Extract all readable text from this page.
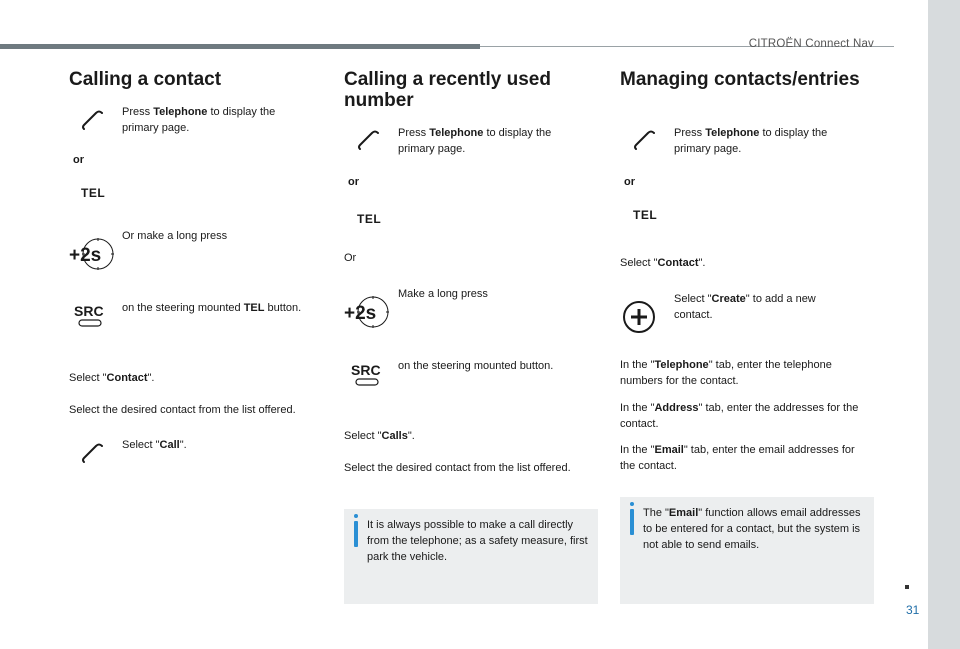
CITROËN Connect Nav
Calling a contact
Press Telephone to display the primary page.
or
TEL
+2s
Or make a long press
SRC on the steering mounted TEL button.
Select "Contact".
Select the desired contact from the list offered.
Select "Call".
Calling a recently used
number
Press Telephone to display the primary page.
or
TEL
Or
+2s
Make a long press
SRC on the steering mounted button.
Select "Calls".
Select the desired contact from the list offered.
It is always possible to make a call directly from the telephone; as a safety measure, first park the vehicle.
Managing contacts/entries
Press Telephone to display the primary page.
or
TEL
Select "Contact".
Select "Create" to add a new contact.
In the "Telephone" tab, enter the telephone numbers for the contact.
In the "Address" tab, enter the addresses for the contact.
In the "Email" tab, enter the email addresses for the contact.
The "Email" function allows email addresses to be entered for a contact, but the system is not able to send emails.
31
